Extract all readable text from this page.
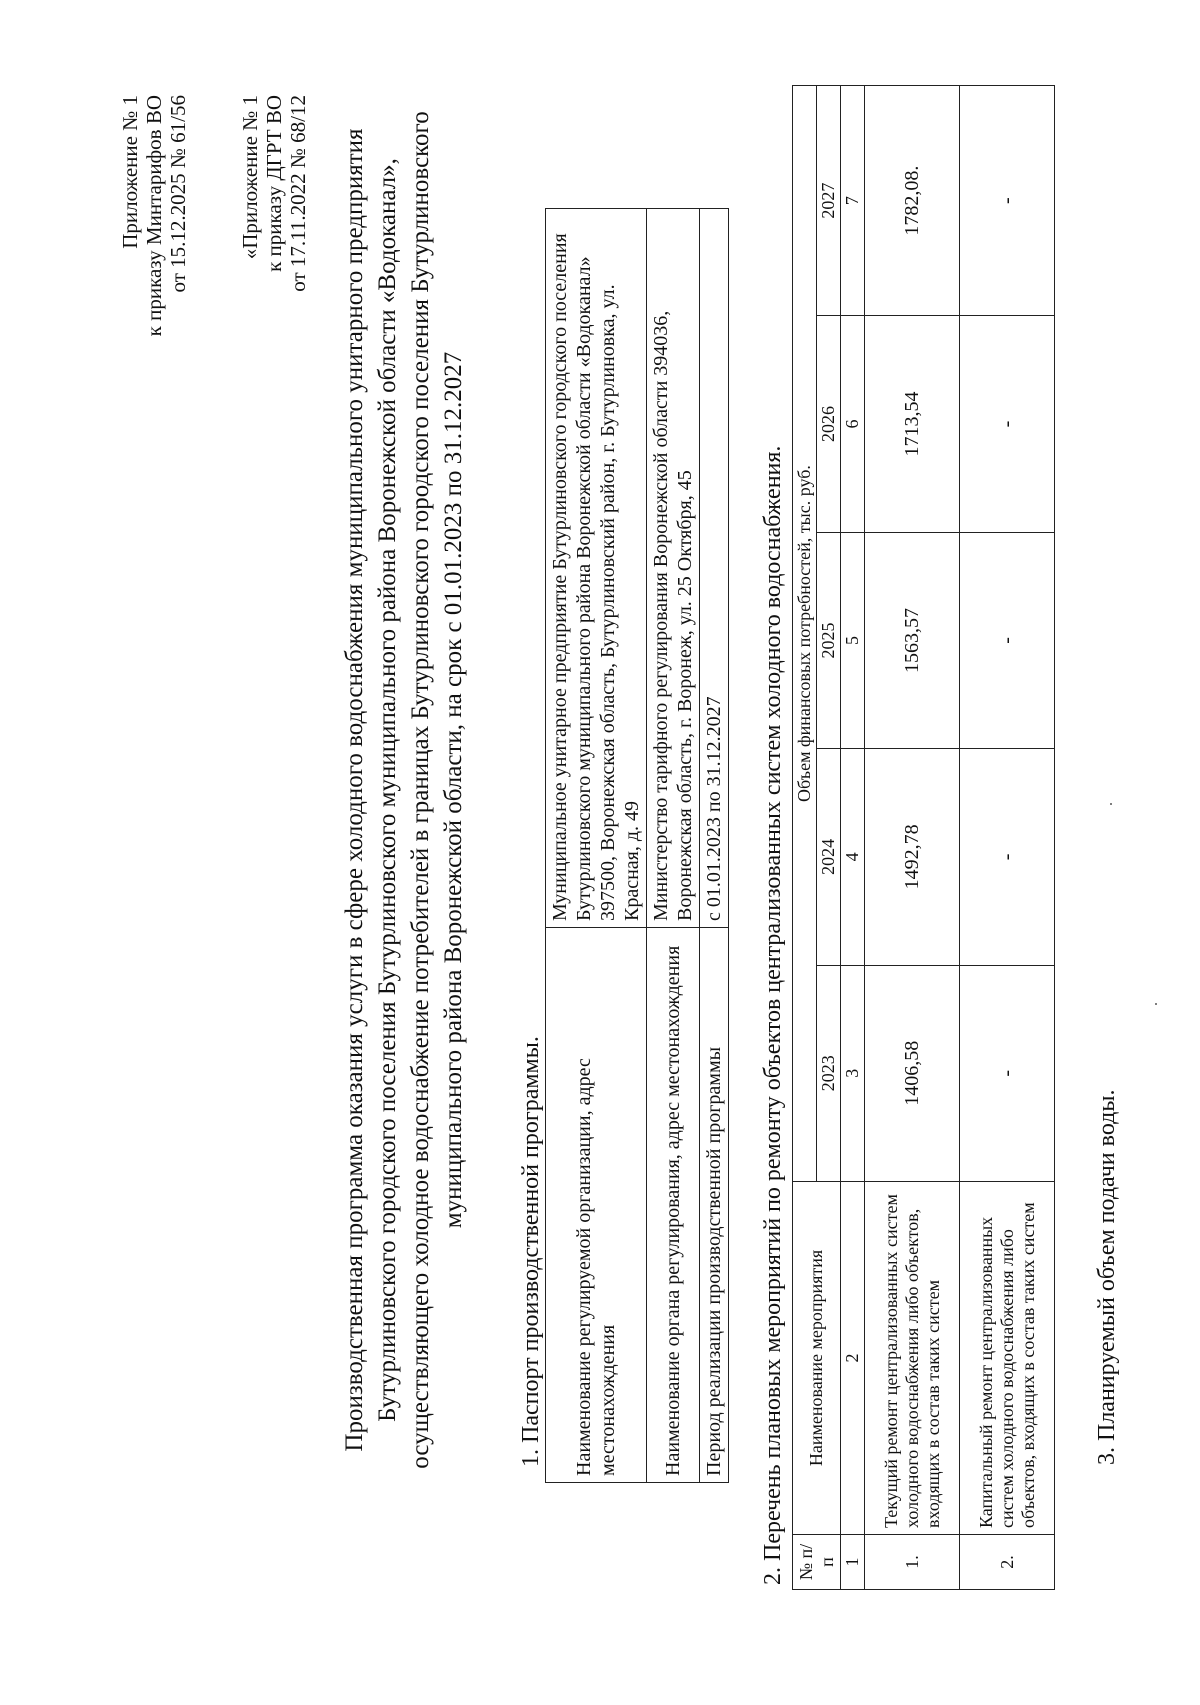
Приложение № 1 к приказу Минтарифов ВО от 15.12.2025 № 61/56 «Приложение № 1 к приказу ДГРТ ВО от 17.11.2022 № 68/12 Производственная программа оказания услуги в сфере холодного водоснабжения муниципального унитарного предприятия Бутурлиновского городского поселения Бутурлиновского муниципального района Воронежской области «Водоканал», осуществляющего холодное водоснабжение потребителей в границах Бутурлиновского городского поселения Бутурлиновского муниципального района Воронежской области, на срок с 01.01.2023 по 31.12.2027
1. Паспорт производственной программы. Наименование регулируемой организации, адрес местонахождения	Муниципальное унитарное предприятие Бутурлиновского городского поселения Бутурлиновского муниципального района Воронежской области «Водоканал» 397500, Воронежская область, Бутурлиновский район, г. Бутурлиновка, ул. Красная, д. 49
Наименование органа регулирования, адрес местонахождения	Министерство тарифного регулирования Воронежской области 394036, Воронежская область, г. Воронеж, ул. 25 Октября, 45
Период реализации производственной программы	с 01.01.2023 по 31.12.2027 2. Перечень плановых мероприятий по ремонту объектов централизованных систем холодного водоснабжения. № п/п	Наименование мероприятия	Объем финансовых потребностей, тыс. руб.				
		2023	2024	2025	2026	2027
1	2	3	4	5	6	7
1.	Текущий ремонт централизованных систем холодного водоснабжения либо объектов, входящих в состав таких систем	1406,58	1492,78	1563,57	1713,54	1782,08.
2.	Капитальный ремонт централизованных систем холодного водоснабжения либо объектов, входящих в состав таких систем	-	-	-	-	-
3. Планируемый объем подачи воды.
